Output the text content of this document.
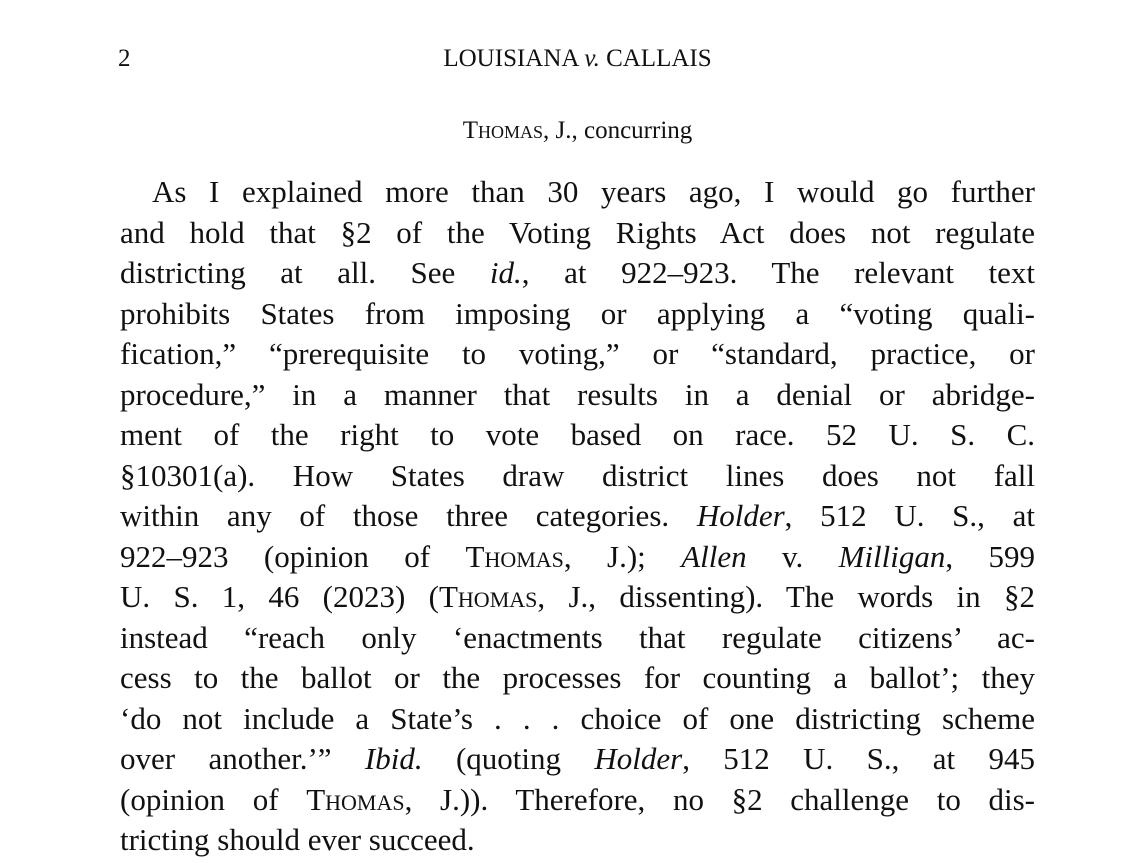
2	LOUISIANA v. CALLAIS
Thomas, J., concurring
As I explained more than 30 years ago, I would go further
and hold that §2 of the Voting Rights Act does not regulate
districting at all. See id., at 922–923. The relevant text
prohibits States from imposing or applying a “voting quali-
fication,” “prerequisite to voting,” or “standard, practice, or
procedure,” in a manner that results in a denial or abridge-
ment of the right to vote based on race. 52 U. S. C.
§10301(a). How States draw district lines does not fall
within any of those three categories. Holder, 512 U. S., at
922–923 (opinion of Thomas, J.); Allen v. Milligan, 599
U. S. 1, 46 (2023) (Thomas, J., dissenting). The words in §2
instead “reach only ‘enactments that regulate citizens’ ac-
cess to the ballot or the processes for counting a ballot’; they
‘do not include a State’s . . . choice of one districting scheme
over another.’” Ibid. (quoting Holder, 512 U. S., at 945
(opinion of Thomas, J.)). Therefore, no §2 challenge to dis-
tricting should ever succeed.
